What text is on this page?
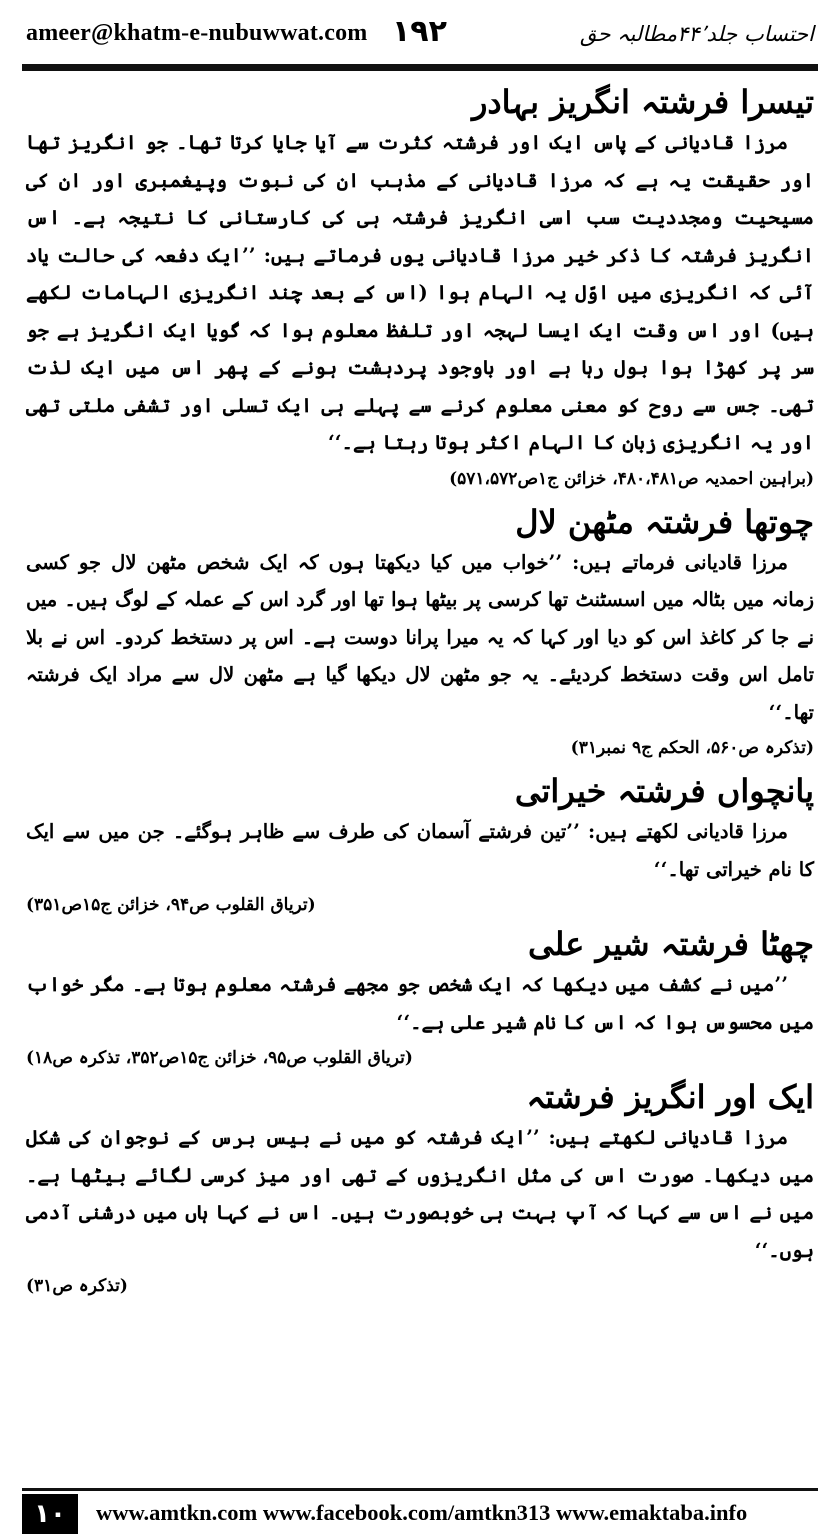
ameer@khatm-e-nubuwwat.com ۱۹۲	احتساب جلد۴۴٬مطالبہ حق
تیسرا فرشتہ انگریز بہادر

مرزا قادیانی کے پاس ایک اور فرشتہ کثرت سے آیا جایا کرتا تھا۔ جو انگریز تھا اور حقیقت یہ ہے کہ مرزا قادیانی کے مذہب ان کی نبوت وپیغمبری اور ان کی مسیحیت ومجددیت سب اسی انگریز فرشتہ ہی کی کارستانی کا نتیجہ ہے۔ اس انگریز فرشتہ کا ذکر خیر مرزا قادیانی یوں فرماتے ہیں: ’’ایک دفعہ کی حالت یاد آئی کہ انگریزی میں اوّل یہ الہام ہوا (اس کے بعد چند انگریزی الہامات لکھے ہیں) اور اس وقت ایک ایسا لہجہ اور تلفظ معلوم ہوا کہ گویا ایک انگریز ہے جو سر پر کھڑا ہوا بول رہا ہے اور باوجود پردہشت ہونے کے پھر اس میں ایک لذت تھی۔ جس سے روح کو معنی معلوم کرنے سے پہلے ہی ایک تسلی اور تشفی ملتی تھی اور یہ انگریزی زبان کا الہام اکثر ہوتا رہتا ہے۔‘‘

(براہین احمدیہ ص۴۸۰،۴۸۱، خزائن ج۱ص۵۷۱،۵۷۲)

چوتھا فرشتہ مٹھن لال

مرزا قادیانی فرماتے ہیں: ’’خواب میں کیا دیکھتا ہوں کہ ایک شخص مٹھن لال جو کسی زمانہ میں بٹالہ میں اسسٹنٹ تھا کرسی پر بیٹھا ہوا تھا اور گرد اس کے عملہ کے لوگ ہیں۔ میں نے جا کر کاغذ اس کو دیا اور کہا کہ یہ میرا پرانا دوست ہے۔ اس پر دستخط کردو۔ اس نے بلا تامل اس وقت دستخط کردیئے۔ یہ جو مٹھن لال دیکھا گیا ہے مٹھن لال سے مراد ایک فرشتہ تھا۔‘‘

(تذکرہ ص۵۶۰، الحکم ج۹ نمبر۳۱)

پانچواں فرشتہ خیراتی

مرزا قادیانی لکھتے ہیں: ’’تین فرشتے آسمان کی طرف سے ظاہر ہوگئے۔ جن میں سے ایک کا نام خیراتی تھا۔‘‘

(تریاق القلوب ص۹۴، خزائن ج۱۵ص۳۵۱)

چھٹا فرشتہ شیر علی

’’میں نے کشف میں دیکھا کہ ایک شخص جو مجھے فرشتہ معلوم ہوتا ہے۔ مگر خواب میں محسوس ہوا کہ اس کا نام شیر علی ہے۔‘‘

(تریاق القلوب ص۹۵، خزائن ج۱۵ص۳۵۲، تذکرہ ص۱۸)

ایک اور انگریز فرشتہ

مرزا قادیانی لکھتے ہیں: ’’ایک فرشتہ کو میں نے بیس برس کے نوجوان کی شکل میں دیکھا۔ صورت اس کی مثل انگریزوں کے تھی اور میز کرسی لگائے بیٹھا ہے۔ میں نے اس سے کہا کہ آپ بہت ہی خوبصورت ہیں۔ اس نے کہا ہاں میں درشنی آدمی ہوں۔‘‘

(تذکرہ ص۳۱)

۱۰	www.amtkn.com www.facebook.com/amtkn313 www.emaktaba.info
